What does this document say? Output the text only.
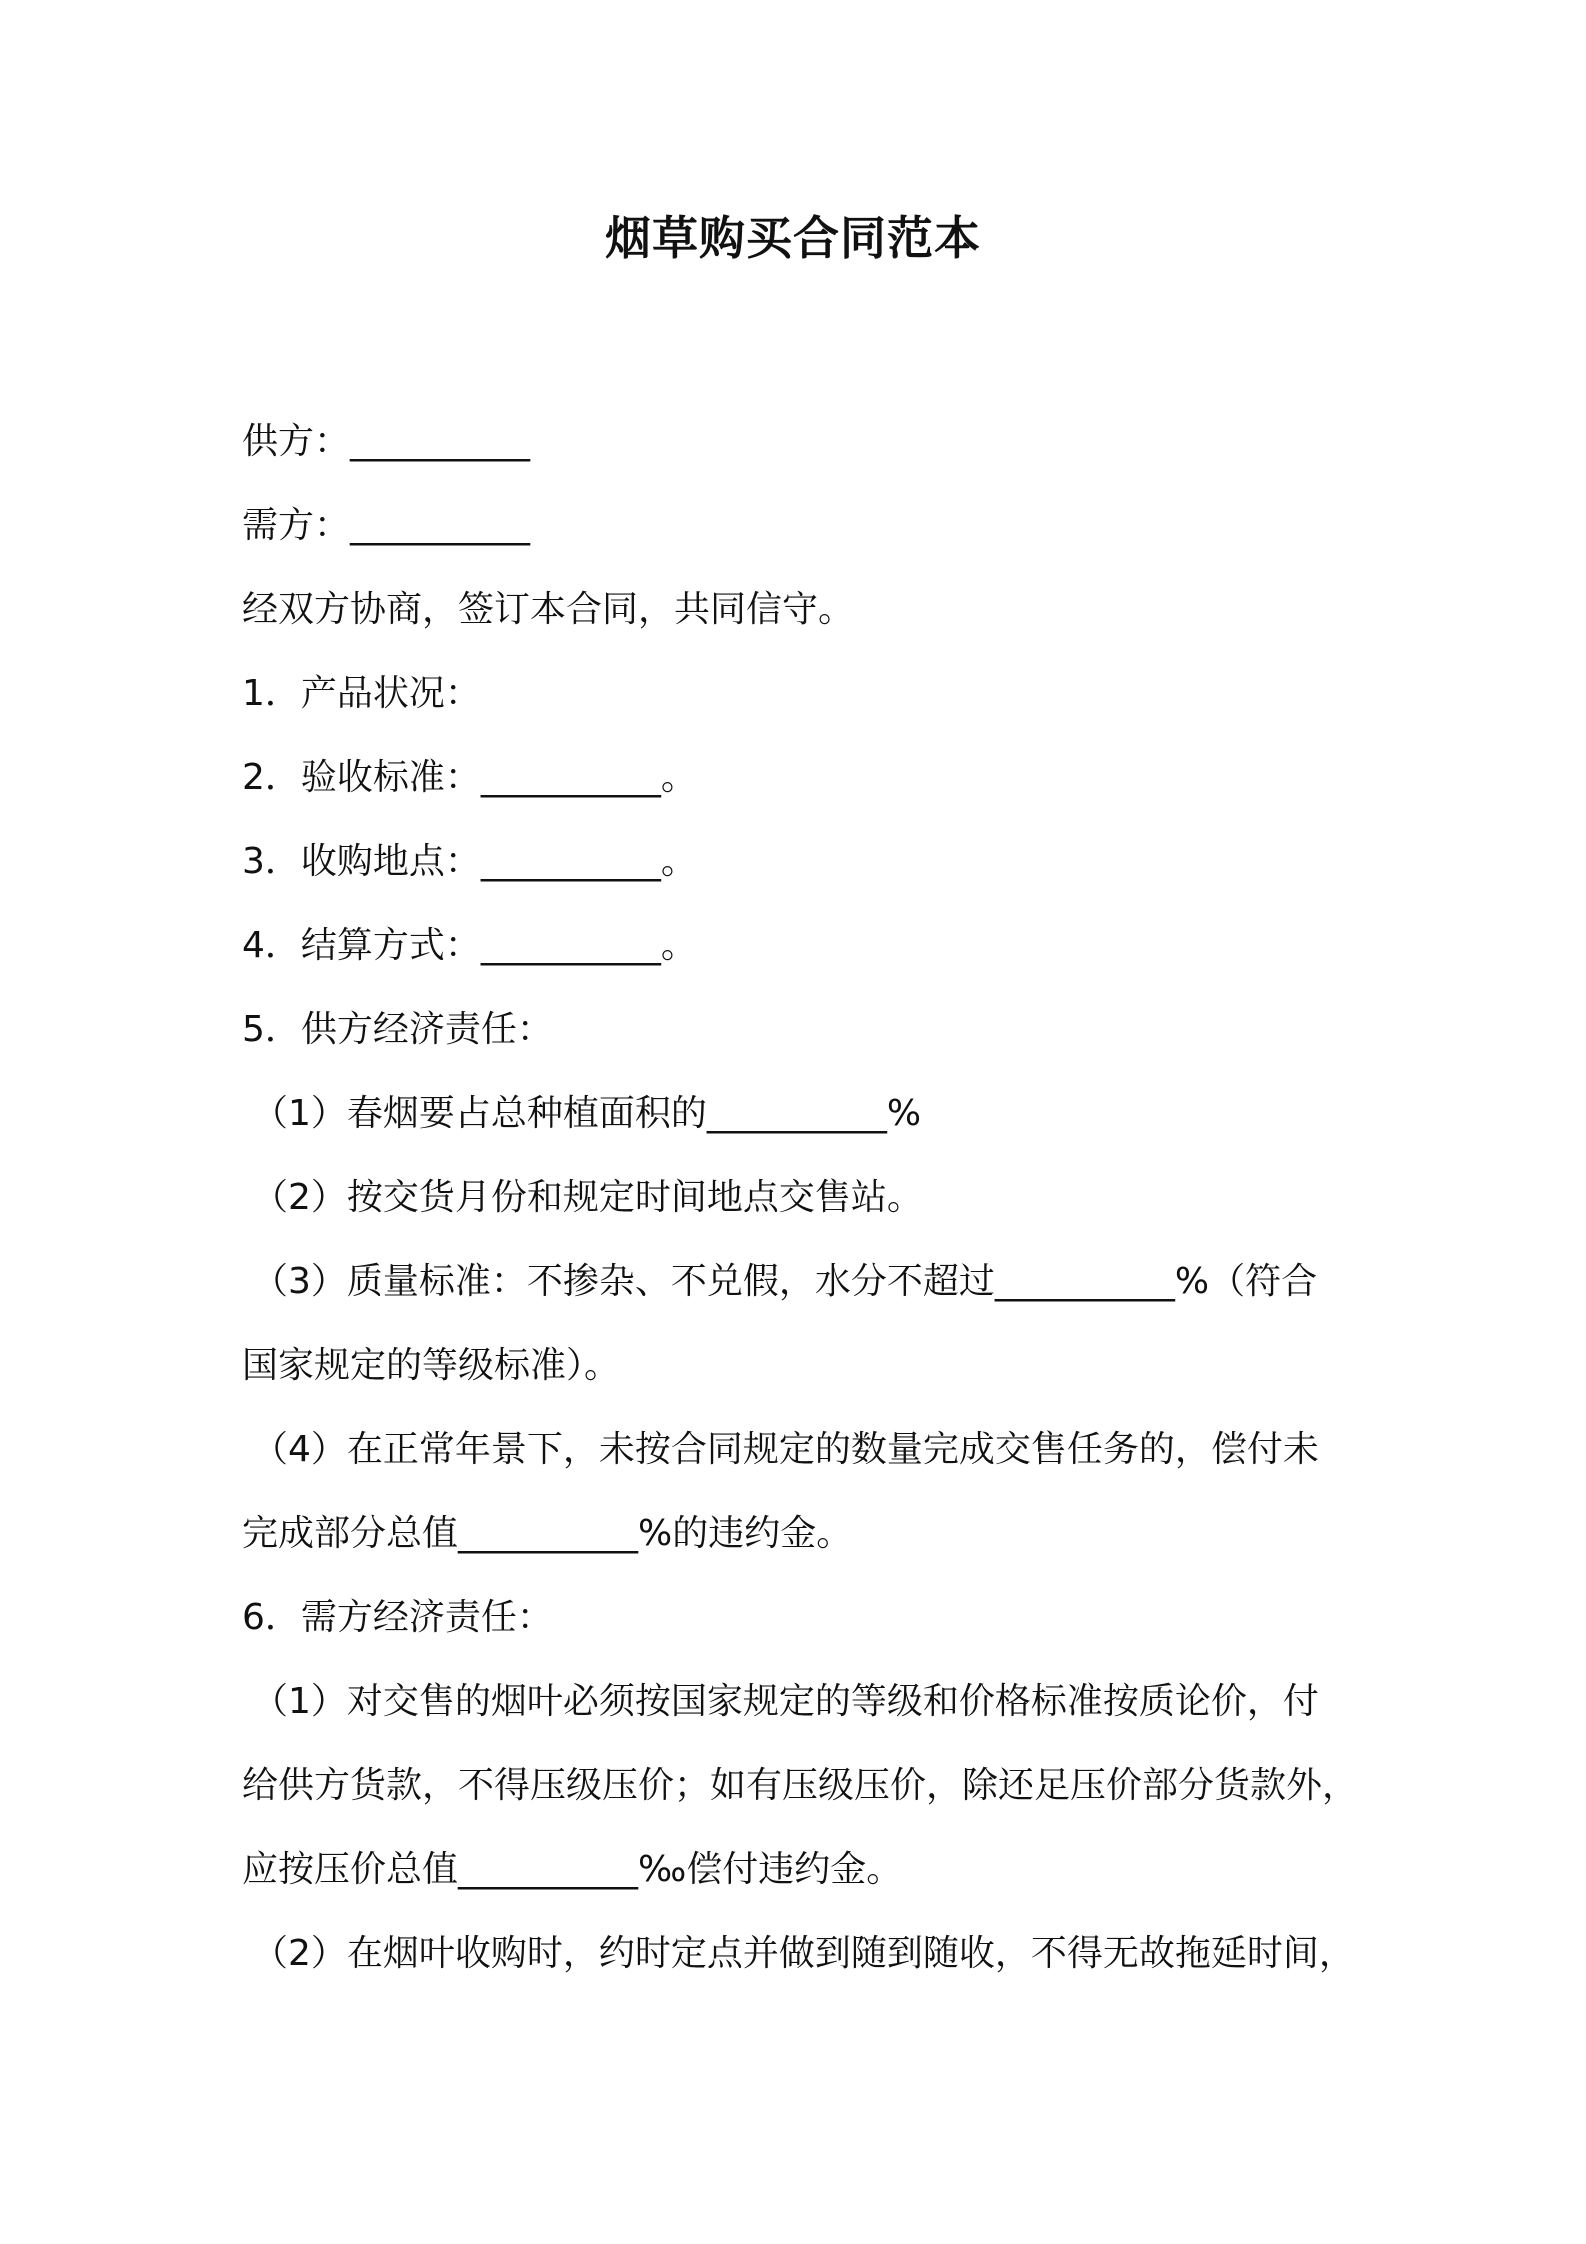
烟草购买合同范本
供方：__________
需方：__________
经双方协商，签订本合同，共同信守。
1．产品状况：
2．验收标准：__________。
3．收购地点：__________。
4．结算方式：__________。
5．供方经济责任：
（1）春烟要占总种植面积的__________%
（2）按交货月份和规定时间地点交售站。
（3）质量标准：不掺杂、不兑假，水分不超过__________%（符合
国家规定的等级标准）。
（4）在正常年景下，未按合同规定的数量完成交售任务的，偿付未
完成部分总值__________%的违约金。
6．需方经济责任：
（1）对交售的烟叶必须按国家规定的等级和价格标准按质论价，付
给供方货款，不得压级压价；如有压级压价，除还足压价部分货款外，
应按压价总值__________‰偿付违约金。
（2）在烟叶收购时，约时定点并做到随到随收，不得无故拖延时间，
